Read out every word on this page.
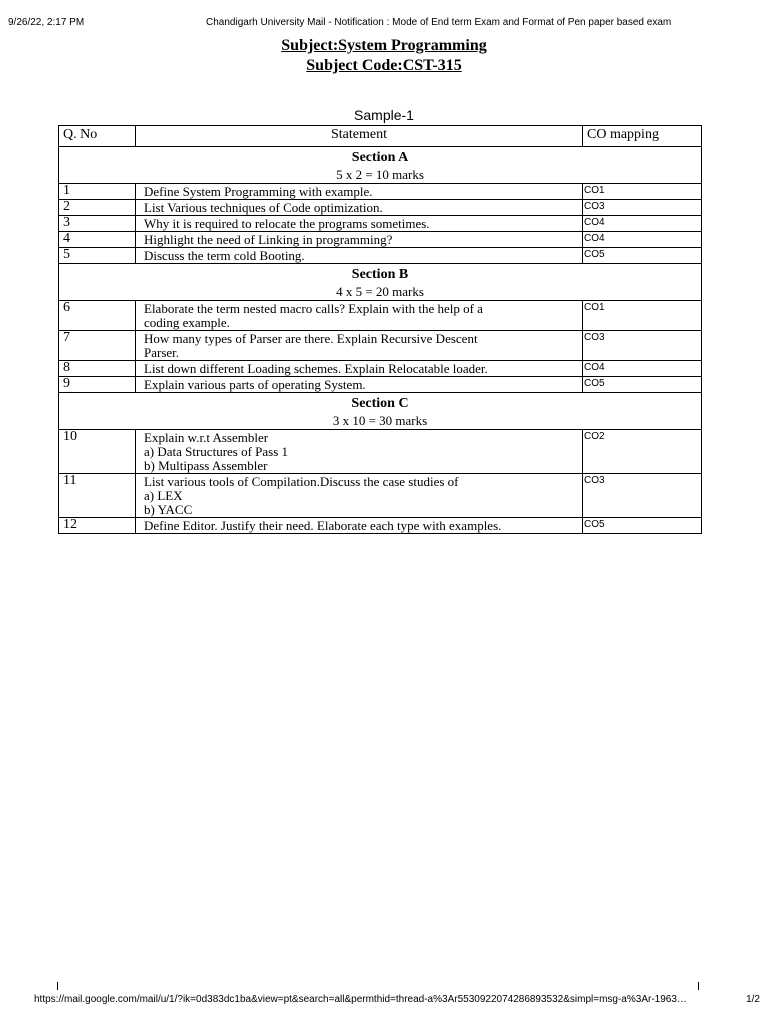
9/26/22, 2:17 PM	Chandigarh University Mail - Notification : Mode of End term Exam and Format of Pen paper based exam
Subject:System Programming
Subject Code:CST-315
Sample-1
Q. No	Statement	CO mapping

Section A
5 x 2 = 10 marks		

1	Define System Programming with example.	CO1
2	List Various techniques of Code optimization.	CO3
3	Why it is required to relocate the programs sometimes.	CO4
4	Highlight the need of Linking in programming?	CO4
5	Discuss the term cold Booting.	CO5

Section B
4 x 5 = 20 marks		

6	Elaborate the term nested macro calls? Explain with the help of a
coding example.	CO1
7	How many types of Parser are there. Explain Recursive Descent
Parser.	CO3
8	List down different Loading schemes. Explain Relocatable loader.	CO4
9	Explain various parts of operating System.	CO5

Section C
3 x 10 = 30 marks		

10	Explain w.r.t Assembler
a) Data Structures of Pass 1
b) Multipass Assembler	CO2
11	List various tools of Compilation.Discuss the case studies of
a) LEX
b) YACC	CO3
12	Define Editor. Justify their need. Elaborate each type with examples.	CO5
https://mail.google.com/mail/u/1/?ik=0d383dc1ba&view=pt&search=all&permthid=thread-a%3Ar5530922074286893532&simpl=msg-a%3Ar-1963…	1/2
